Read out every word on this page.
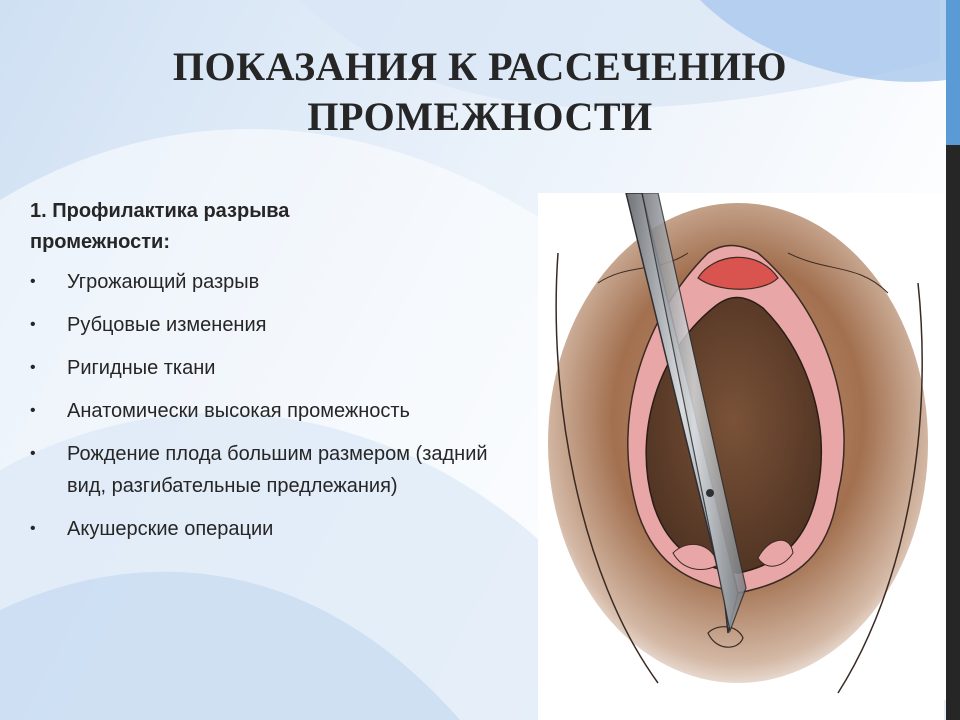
ПОКАЗАНИЯ К РАССЕЧЕНИЮ
ПРОМЕЖНОСТИ
1. Профилактика разрыва промежности:
• Угрожающий разрыв
• Рубцовые изменения
• Ригидные ткани
• Анатомически высокая промежность
• Рождение плода большим размером (задний вид, разгибательные предлежания)
• Акушерские операции
